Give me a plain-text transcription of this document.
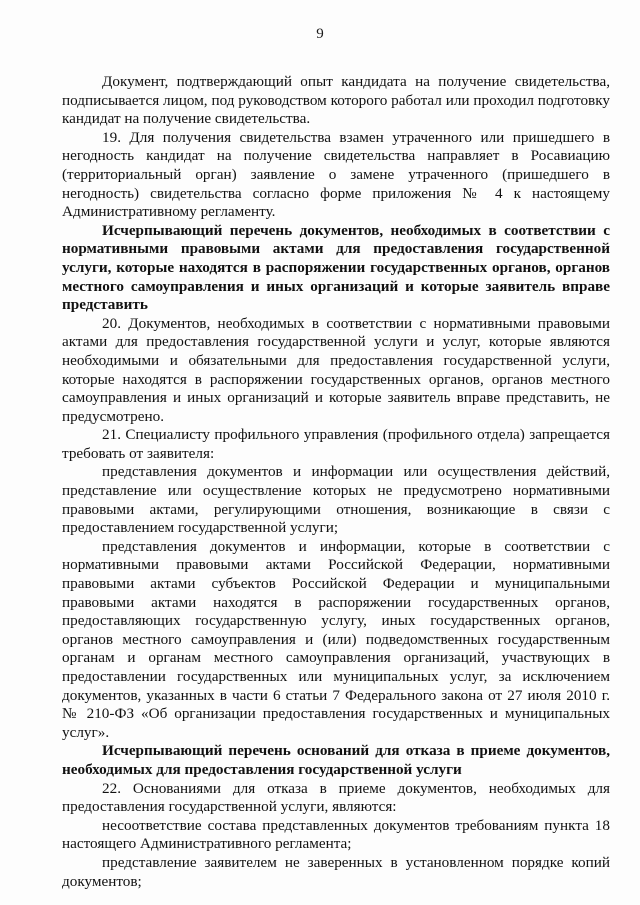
9

Документ, подтверждающий опыт кандидата на получение свидетельства, подписывается лицом, под руководством которого работал или проходил подготовку кандидат на получение свидетельства.

19. Для получения свидетельства взамен утраченного или пришедшего в негодность кандидат на получение свидетельства направляет в Росавиацию (территориальный орган) заявление о замене утраченного (пришедшего в негодность) свидетельства согласно форме приложения № 4 к настоящему Административному регламенту.

Исчерпывающий перечень документов, необходимых в соответствии с нормативными правовыми актами для предоставления государственной услуги, которые находятся в распоряжении государственных органов, органов местного самоуправления и иных организаций и которые заявитель вправе представить

20. Документов, необходимых в соответствии с нормативными правовыми актами для предоставления государственной услуги и услуг, которые являются необходимыми и обязательными для предоставления государственной услуги, которые находятся в распоряжении государственных органов, органов местного самоуправления и иных организаций и которые заявитель вправе представить, не предусмотрено.

21. Специалисту профильного управления (профильного отдела) запрещается требовать от заявителя:

представления документов и информации или осуществления действий, представление или осуществление которых не предусмотрено нормативными правовыми актами, регулирующими отношения, возникающие в связи с предоставлением государственной услуги;

представления документов и информации, которые в соответствии с нормативными правовыми актами Российской Федерации, нормативными правовыми актами субъектов Российской Федерации и муниципальными правовыми актами находятся в распоряжении государственных органов, предоставляющих государственную услугу, иных государственных органов, органов местного самоуправления и (или) подведомственных государственным органам и органам местного самоуправления организаций, участвующих в предоставлении государственных или муниципальных услуг, за исключением документов, указанных в части 6 статьи 7 Федерального закона от 27 июля 2010 г. № 210-ФЗ «Об организации предоставления государственных и муниципальных услуг».

Исчерпывающий перечень оснований для отказа в приеме документов, необходимых для предоставления государственной услуги

22. Основаниями для отказа в приеме документов, необходимых для предоставления государственной услуги, являются:

несоответствие состава представленных документов требованиям пункта 18 настоящего Административного регламента;

представление заявителем не заверенных в установленном порядке копий документов;
